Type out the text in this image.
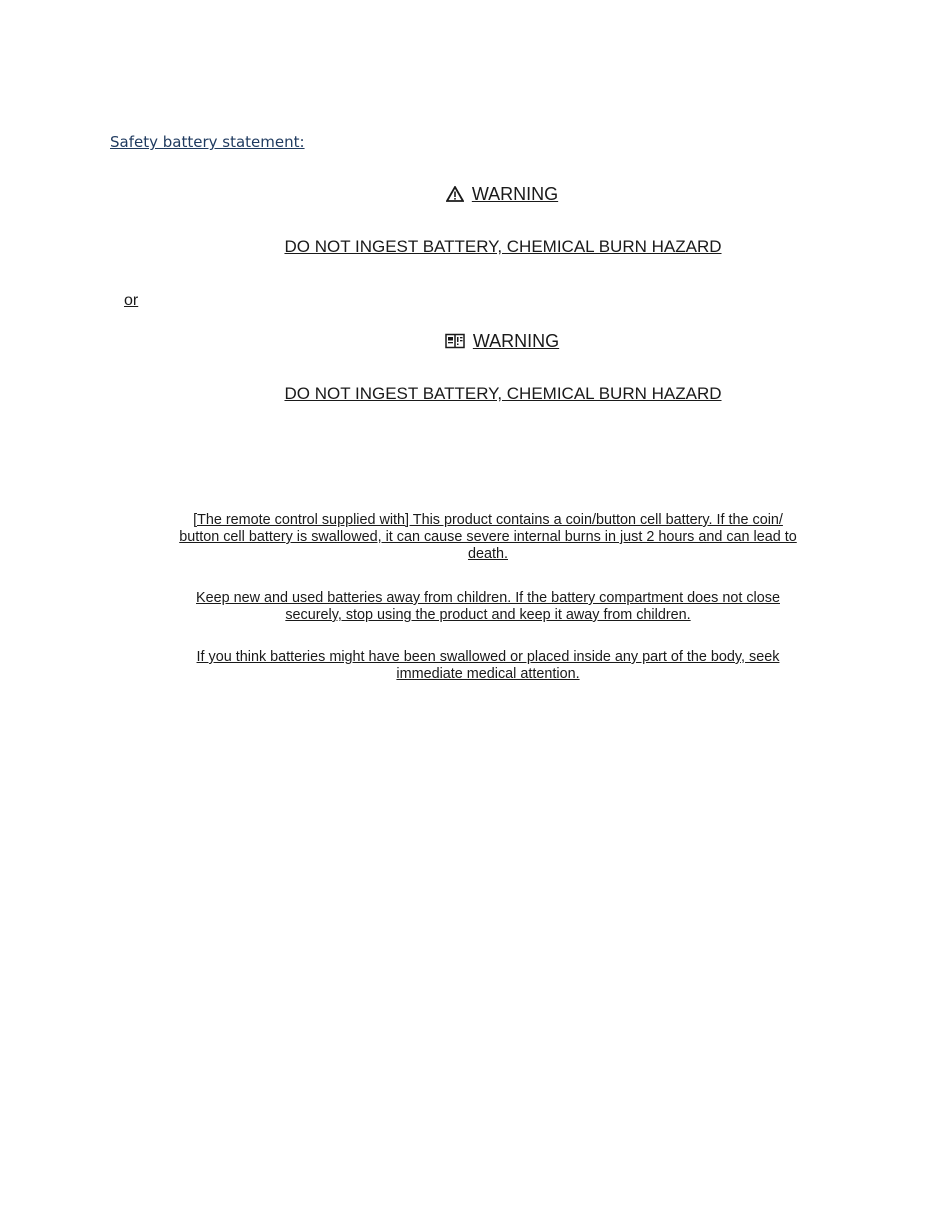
Safety battery statement:
WARNING
DO NOT INGEST BATTERY, CHEMICAL BURN HAZARD
or
WARNING
DO NOT INGEST BATTERY, CHEMICAL BURN HAZARD
[The remote control supplied with] This product contains a coin/button cell battery. If the coin/ button cell battery is swallowed, it can cause severe internal burns in just 2 hours and can lead to death.
Keep new and used batteries away from children. If the battery compartment does not close securely, stop using the product and keep it away from children.
If you think batteries might have been swallowed or placed inside any part of the body, seek immediate medical attention.
